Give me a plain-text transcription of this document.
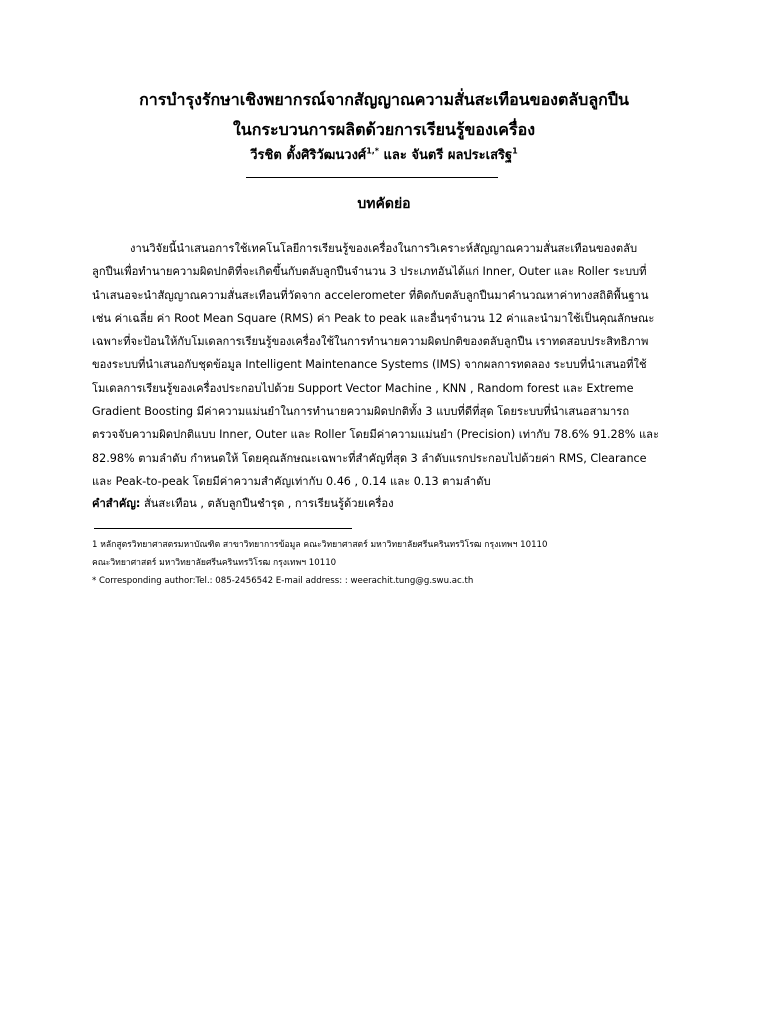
การบำรุงรักษาเชิงพยากรณ์จากสัญญาณความสั่นสะเทือนของตลับลูกปืน
ในกระบวนการผลิตด้วยการเรียนรู้ของเครื่อง
วีรชิต ตั้งศิริวัฒนวงศ์$^{1,*}$ และ จันตรี ผลประเสริฐ$^1$
บทคัดย่อ
งานวิจัยนี้นำเสนอการใช้เทคโนโลยีการเรียนรู้ของเครื่องในการวิเคราะห์สัญญาณความสั่นสะเทือนของตลับ
ลูกปืนเพื่อทำนายความผิดปกติที่จะเกิดขึ้นกับตลับลูกปืนจำนวน 3 ประเภทอันได้แก่ Inner, Outer และ Roller ระบบที่
นำเสนอจะนำสัญญาณความสั่นสะเทือนที่วัดจาก accelerometer ที่ติดกับตลับลูกปืนมาคำนวณหาค่าทางสถิติพื้นฐาน
เช่น ค่าเฉลี่ย ค่า Root Mean Square (RMS) ค่า Peak to peak และอื่นๆจำนวน 12 ค่าและนำมาใช้เป็นคุณลักษณะ
เฉพาะที่จะป้อนให้กับโมเดลการเรียนรู้ของเครื่องใช้ในการทำนายความผิดปกติของตลับลูกปืน เราทดสอบประสิทธิภาพ
ของระบบที่นำเสนอกับชุดข้อมูล Intelligent Maintenance Systems (IMS) จากผลการทดลอง ระบบที่นำเสนอที่ใช้
โมเดลการเรียนรู้ของเครื่องประกอบไปด้วย Support Vector Machine , KNN , Random forest และ Extreme
Gradient Boosting มีค่าความแม่นยำในการทำนายความผิดปกติทั้ง 3 แบบที่ดีที่สุด โดยระบบที่นำเสนอสามารถ
ตรวจจับความผิดปกติแบบ Inner, Outer และ Roller โดยมีค่าความแม่นยำ (Precision) เท่ากับ 78.6% 91.28% และ
82.98% ตามลำดับ กำหนดให้ โดยคุณลักษณะเฉพาะที่สำคัญที่สุด 3 ลำดับแรกประกอบไปด้วยค่า RMS, Clearance
และ Peak-to-peak โดยมีค่าความสำคัญเท่ากับ 0.46 , 0.14 และ 0.13 ตามลำดับ
คำสำคัญ: สั่นสะเทือน , ตลับลูกปืนชำรุด , การเรียนรู้ด้วยเครื่อง
1 หลักสูตรวิทยาศาสตรมหาบัณฑิต สาขาวิทยาการข้อมูล คณะวิทยาศาสตร์ มหาวิทยาลัยศรีนครินทรวิโรฒ กรุงเทพฯ 10110
คณะวิทยาศาสตร์ มหาวิทยาลัยศรีนครินทรวิโรฒ กรุงเทพฯ 10110
* Corresponding author:Tel.: 085-2456542 E-mail address: : weerachit.tung@g.swu.ac.th
